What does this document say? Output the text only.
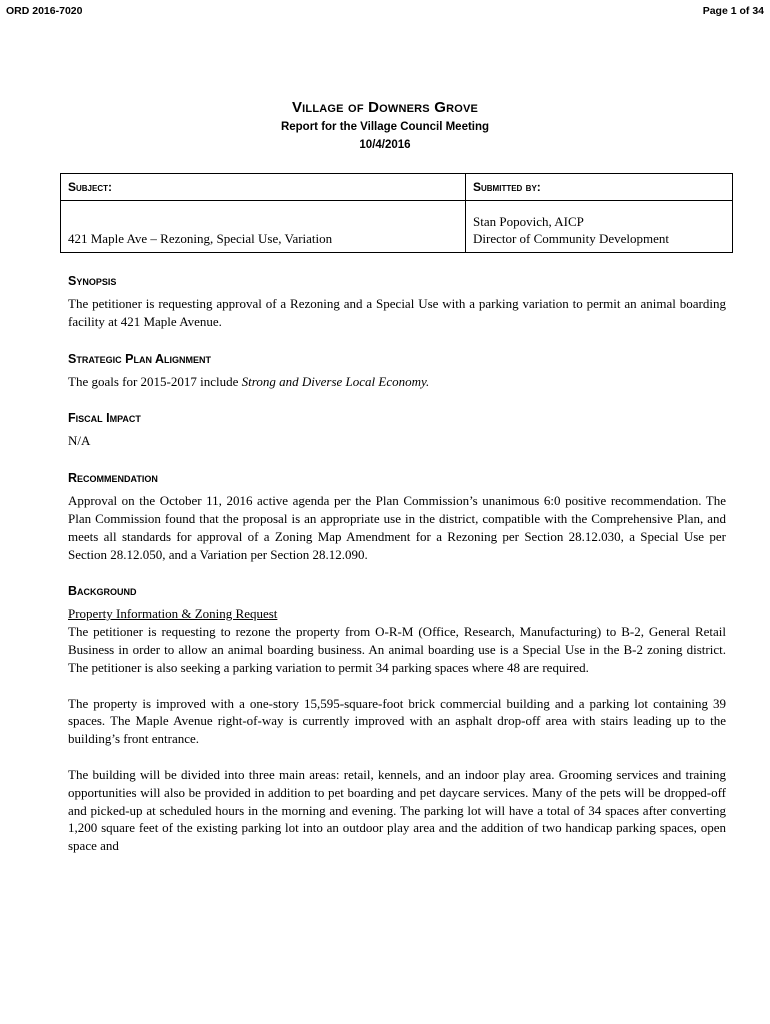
ORD 2016-7020	Page 1 of 34
Village of Downers Grove
Report for the Village Council Meeting
10/4/2016
Subject:	Submitted by:
421 Maple Ave – Rezoning, Special Use, Variation	Stan Popovich, AICP
Director of Community Development
Synopsis

The petitioner is requesting approval of a Rezoning and a Special Use with a parking variation to permit an animal boarding facility at 421 Maple Avenue.

Strategic Plan Alignment

The goals for 2015-2017 include Strong and Diverse Local Economy.

Fiscal Impact

N/A

Recommendation

Approval on the October 11, 2016 active agenda per the Plan Commission’s unanimous 6:0 positive recommendation. The Plan Commission found that the proposal is an appropriate use in the district, compatible with the Comprehensive Plan, and meets all standards for approval of a Zoning Map Amendment for a Rezoning per Section 28.12.030, a Special Use per Section 28.12.050, and a Variation per Section 28.12.090.

Background

Property Information & Zoning Request

The petitioner is requesting to rezone the property from O-R-M (Office, Research, Manufacturing) to B-2, General Retail Business in order to allow an animal boarding business. An animal boarding use is a Special Use in the B-2 zoning district. The petitioner is also seeking a parking variation to permit 34 parking spaces where 48 are required.

The property is improved with a one-story 15,595-square-foot brick commercial building and a parking lot containing 39 spaces. The Maple Avenue right-of-way is currently improved with an asphalt drop-off area with stairs leading up to the building’s front entrance.

The building will be divided into three main areas: retail, kennels, and an indoor play area. Grooming services and training opportunities will also be provided in addition to pet boarding and pet daycare services. Many of the pets will be dropped-off and picked-up at scheduled hours in the morning and evening. The parking lot will have a total of 34 spaces after converting 1,200 square feet of the existing parking lot into an outdoor play area and the addition of two handicap parking spaces, open space and
